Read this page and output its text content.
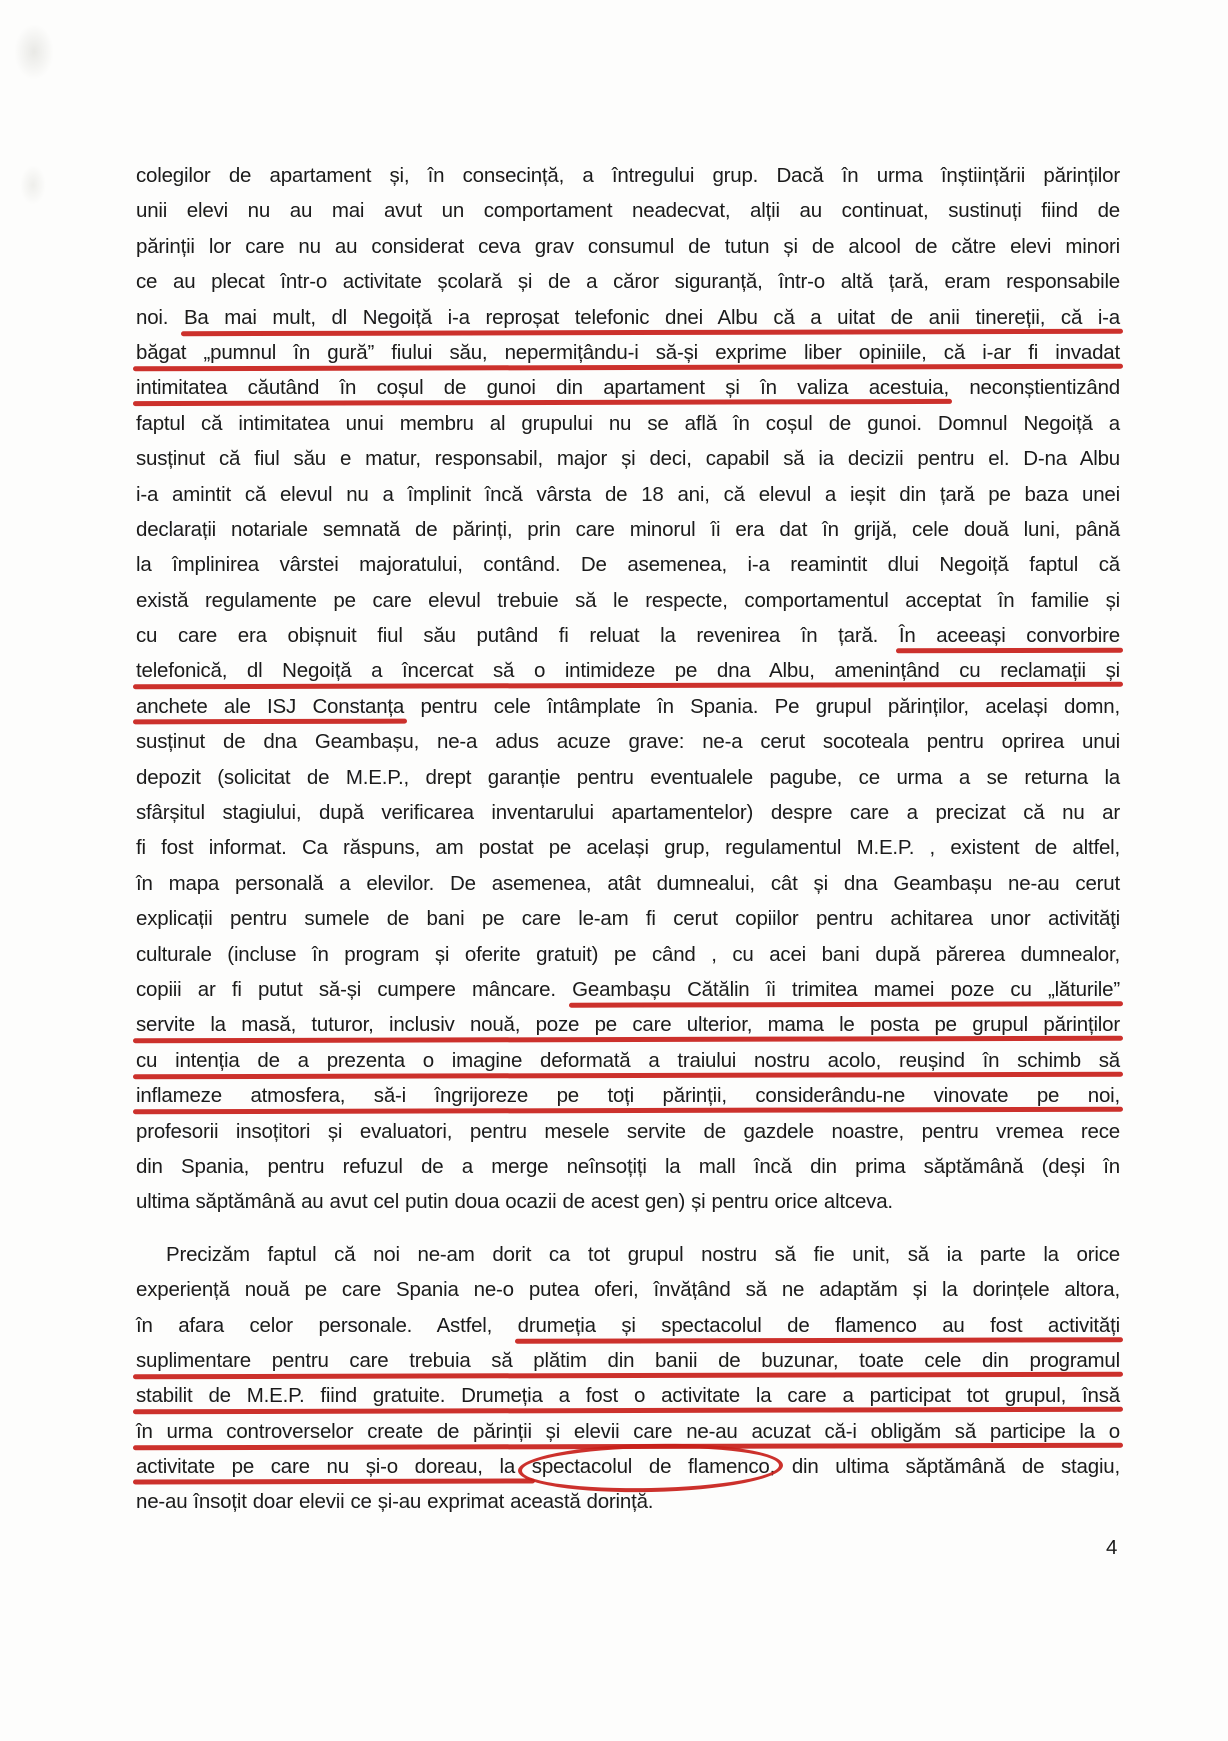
colegilor de apartament și, în consecință, a întregului grup. Dacă în urma înștiințării părinților
unii elevi nu au mai avut un comportament neadecvat, alții au continuat, sustinuți fiind de
părinții lor care nu au considerat ceva grav consumul de tutun și de alcool de către elevi minori
ce au plecat într-o activitate școlară și de a căror siguranță, într-o altă țară, eram responsabile
noi. Ba mai mult, dl Negoiță i-a reproșat telefonic dnei Albu că a uitat de anii tinereții, că i-a
băgat „pumnul în gură” fiului său, nepermițându-i să-și exprime liber opiniile, că i-ar fi invadat
intimitatea căutând în coșul de gunoi din apartament și în valiza acestuia, neconștientizând
faptul că intimitatea unui membru al grupului nu se află în coșul de gunoi. Domnul Negoiță a
susținut că fiul său e matur, responsabil, major și deci, capabil să ia decizii pentru el. D-na Albu
i-a amintit că elevul nu a împlinit încă vârsta de 18 ani, că elevul a ieșit din țară pe baza unei
declarații notariale semnată de părinți, prin care minorul îi era dat în grijă, cele două luni, până
la împlinirea vârstei majoratului, contând. De asemenea, i-a reamintit dlui Negoiță faptul că
există regulamente pe care elevul trebuie să le respecte, comportamentul acceptat în familie și
cu care era obișnuit fiul său putând fi reluat la revenirea în țară. În aceeași convorbire
telefonică, dl Negoiță a încercat să o intimideze pe dna Albu, amenințând cu reclamații și
anchete ale ISJ Constanța pentru cele întâmplate în Spania. Pe grupul părinților, același domn,
susținut de dna Geambașu, ne-a adus acuze grave: ne-a cerut socoteala pentru oprirea unui
depozit (solicitat de M.E.P., drept garanție pentru eventualele pagube, ce urma a se returna la
sfârșitul stagiului, după verificarea inventarului apartamentelor) despre care a precizat că nu ar
fi fost informat. Ca răspuns, am postat pe același grup, regulamentul M.E.P. , existent de altfel,
în mapa personală a elevilor. De asemenea, atât dumnealui, cât și dna Geambașu ne-au cerut
explicații pentru sumele de bani pe care le-am fi cerut copiilor pentru achitarea unor activităţi
culturale (incluse în program și oferite gratuit) pe când , cu acei bani după părerea dumnealor,
copiii ar fi putut să-și cumpere mâncare. Geambașu Cătălin îi trimitea mamei poze cu „lăturile”
servite la masă, tuturor, inclusiv nouă, poze pe care ulterior, mama le posta pe grupul părinților
cu intenția de a prezenta o imagine deformată a traiului nostru acolo, reușind în schimb să
inflameze atmosfera, să-i îngrijoreze pe toți părinții, considerându-ne vinovate pe noi,
profesorii insoțitori și evaluatori, pentru mesele servite de gazdele noastre, pentru vremea rece
din Spania, pentru refuzul de a merge neînsoțiți la mall încă din prima săptămână (deși în
ultima săptămână au avut cel putin doua ocazii de acest gen) și pentru orice altceva.
Precizăm faptul că noi ne-am dorit ca tot grupul nostru să fie unit, să ia parte la orice
experiență nouă pe care Spania ne-o putea oferi, învățând să ne adaptăm și la dorințele altora,
în afara celor personale. Astfel, drumeția și spectacolul de flamenco au fost activități
suplimentare pentru care trebuia să plătim din banii de buzunar, toate cele din programul
stabilit de M.E.P. fiind gratuite. Drumeția a fost o activitate la care a participat tot grupul, însă
în urma controverselor create de părinții și elevii care ne-au acuzat că-i obligăm să participe la o
activitate pe care nu și-o doreau, la spectacolul de flamenco, din ultima săptămână de stagiu,
ne-au însoțit doar elevii ce și-au exprimat această dorință.
4
